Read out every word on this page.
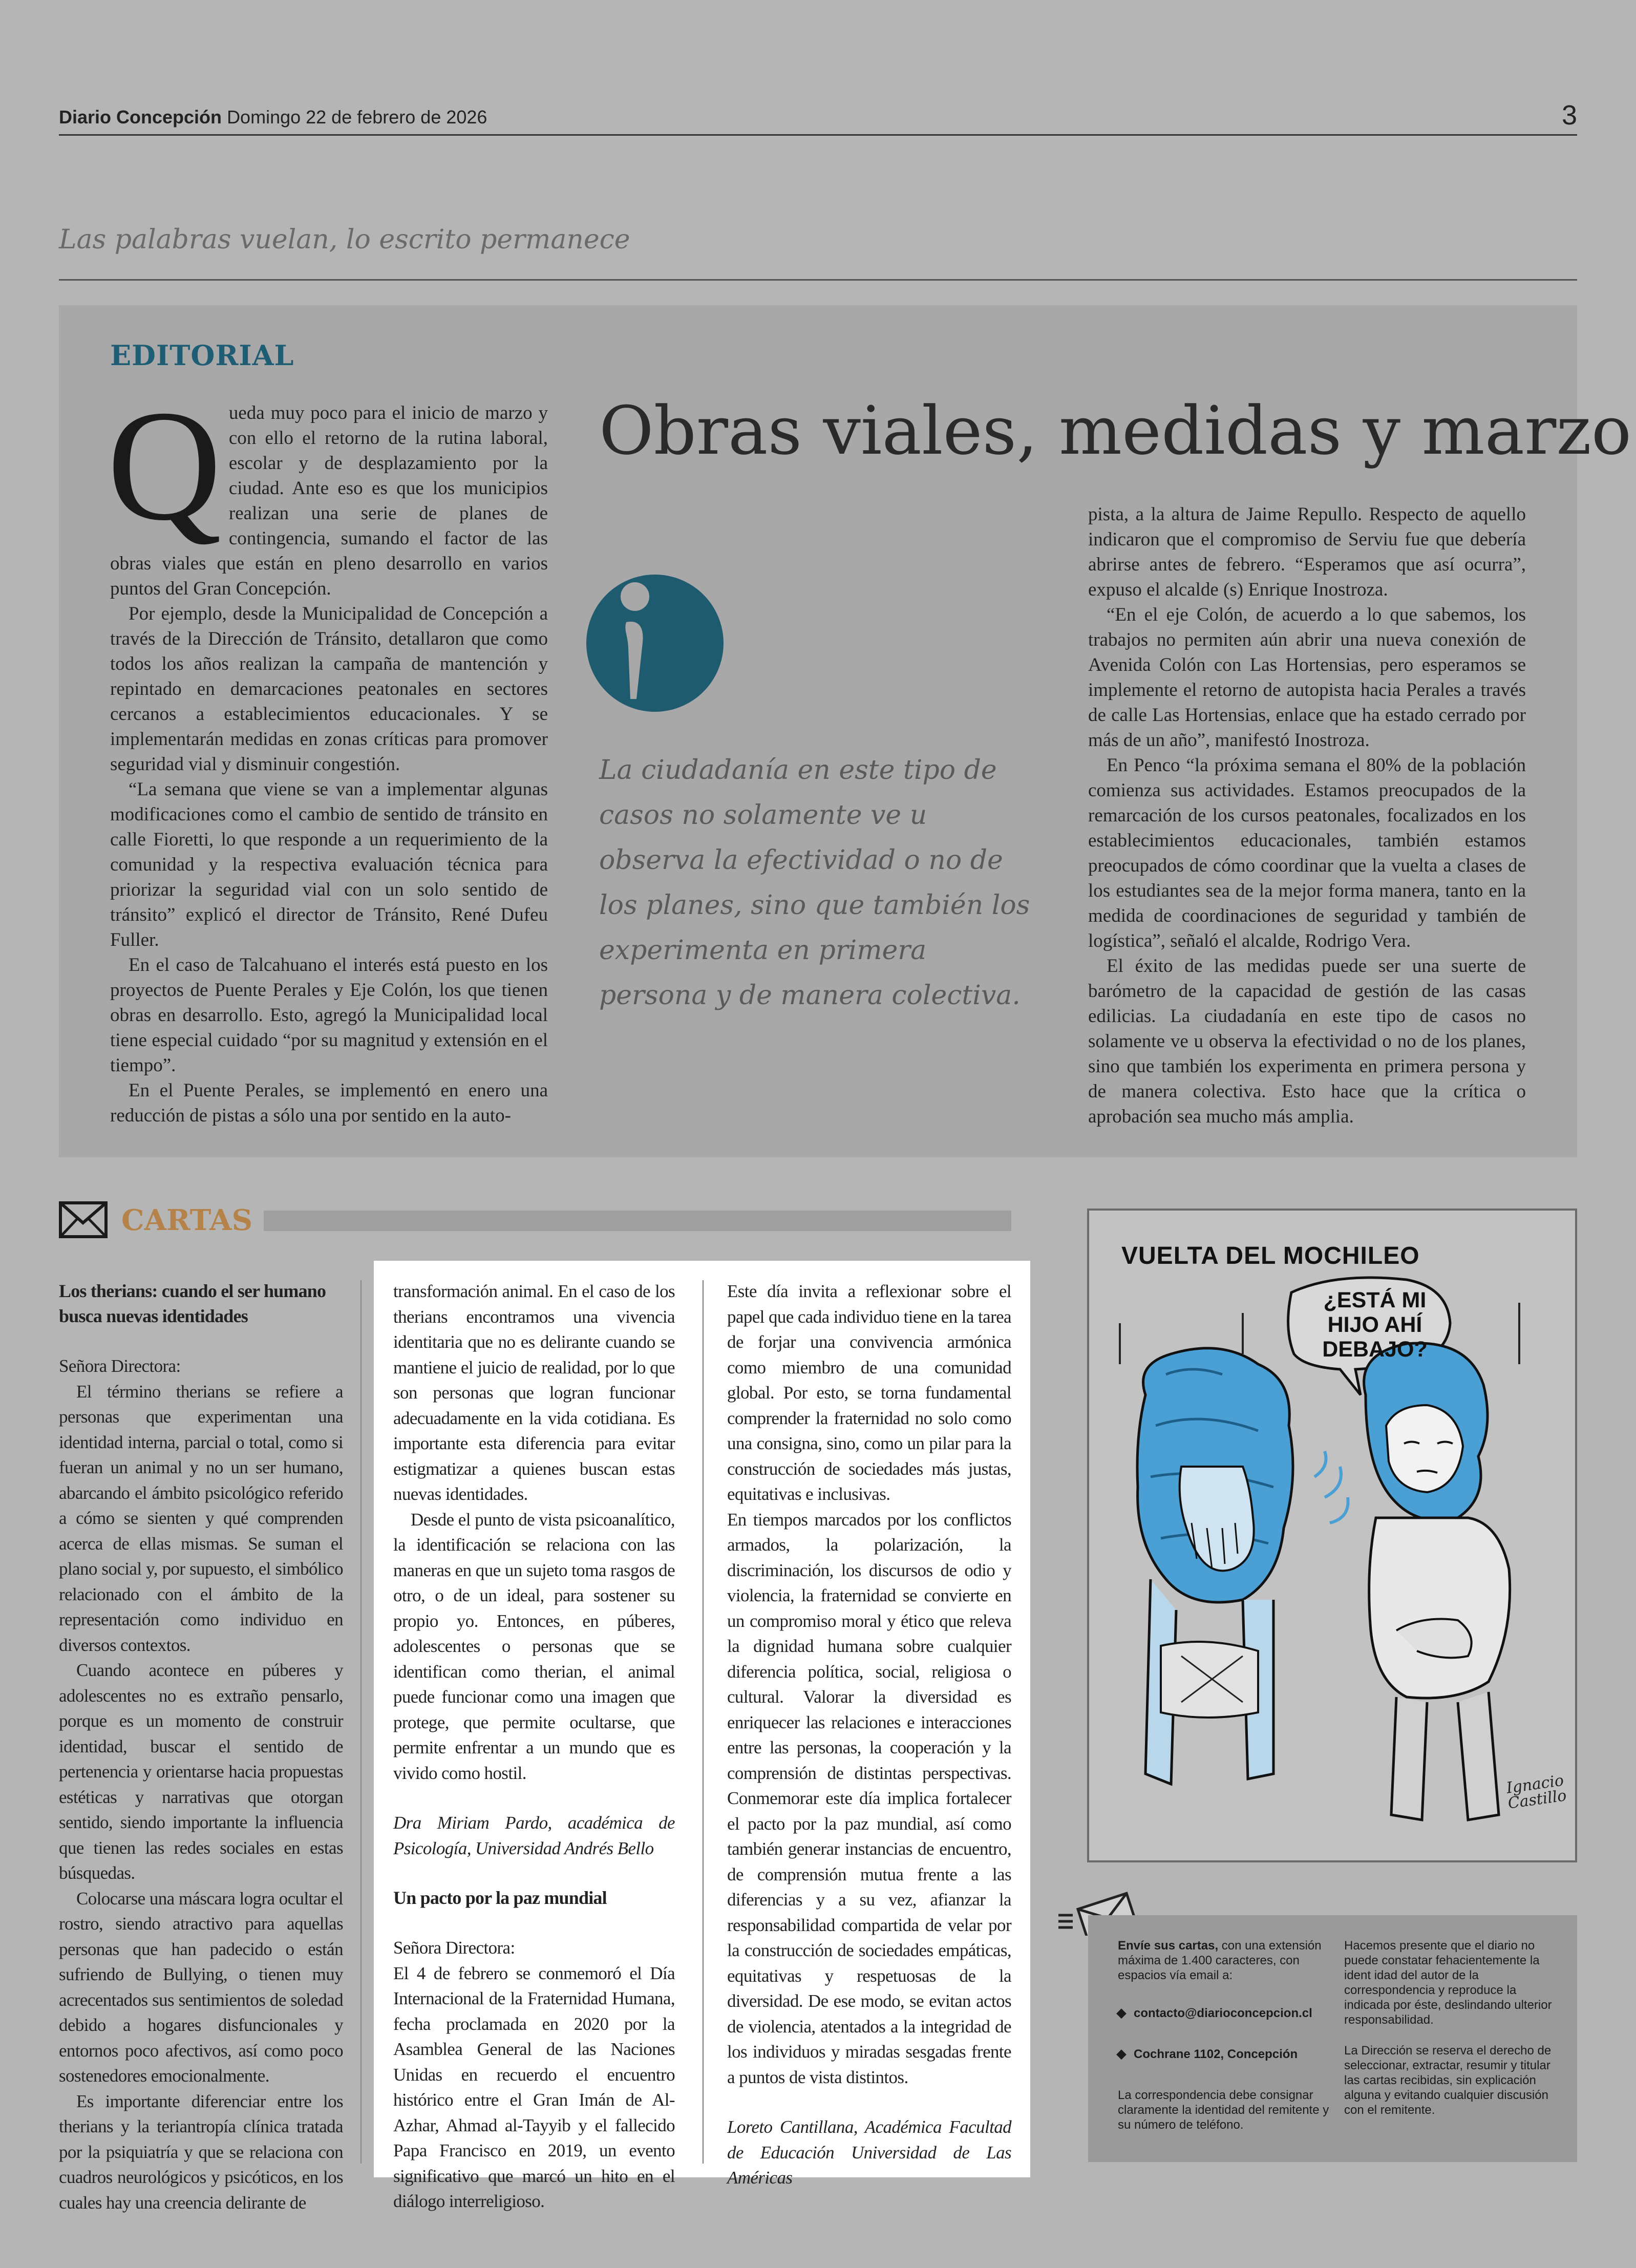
Diario Concepción Domingo 22 de febrero de 2026	3
Las palabras vuelan, lo escrito permanece
EDITORIAL
Obras viales, medidas y marzo

Queda muy poco para el inicio de marzo y con ello el retorno de la rutina laboral, escolar y de desplazamiento por la ciudad. Ante eso es que los municipios realizan una serie de planes de contingencia, sumando el factor de las obras viales que están en pleno desarrollo en varios puntos del Gran Concepción.

Por ejemplo, desde la Municipalidad de Concepción a través de la Dirección de Tránsito, detallaron que como todos los años realizan la campaña de mantención y repintado en demarcaciones peatonales en sectores cercanos a establecimientos educacionales. Y se implementarán medidas en zonas críticas para promover seguridad vial y disminuir congestión.

“La semana que viene se van a implementar algunas modificaciones como el cambio de sentido de tránsito en calle Fioretti, lo que responde a un requerimiento de la comunidad y la respectiva evaluación técnica para priorizar la seguridad vial con un solo sentido de tránsito” explicó el director de Tránsito, René Dufeu Fuller.

En el caso de Talcahuano el interés está puesto en los proyectos de Puente Perales y Eje Colón, los que tienen obras en desarrollo. Esto, agregó la Municipalidad local tiene especial cuidado “por su magnitud y extensión en el tiempo”.

En el Puente Perales, se implementó en enero una reducción de pistas a sólo una por sentido en la auto-

La ciudadanía en este tipo de casos no solamente ve u observa la efectividad o no de los planes, sino que también los experimenta en primera persona y de manera colectiva.

pista, a la altura de Jaime Repullo. Respecto de aquello indicaron que el compromiso de Serviu fue que debería abrirse antes de febrero. “Esperamos que así ocurra”, expuso el alcalde (s) Enrique Inostroza.

“En el eje Colón, de acuerdo a lo que sabemos, los trabajos no permiten aún abrir una nueva conexión de Avenida Colón con Las Hortensias, pero esperamos se implemente el retorno de autopista hacia Perales a través de calle Las Hortensias, enlace que ha estado cerrado por más de un año”, manifestó Inostroza.

En Penco “la próxima semana el 80% de la población comienza sus actividades. Estamos preocupados de la remarcación de los cursos peatonales, focalizados en los establecimientos educacionales, también estamos preocupados de cómo coordinar que la vuelta a clases de los estudiantes sea de la mejor forma manera, tanto en la medida de coordinaciones de seguridad y también de logística”, señaló el alcalde, Rodrigo Vera.

El éxito de las medidas puede ser una suerte de barómetro de la capacidad de gestión de las casas edilicias. La ciudadanía en este tipo de casos no solamente ve u observa la efectividad o no de los planes, sino que también los experimenta en primera persona y de manera colectiva. Esto hace que la crítica o aprobación sea mucho más amplia.

CARTAS
Los therians: cuando el ser humano busca nuevas identidades

Señora Directora:

El término therians se refiere a personas que experimentan una identidad interna, parcial o total, como si fueran un animal y no un ser humano, abarcando el ámbito psicológico referido a cómo se sienten y qué comprenden acerca de ellas mismas. Se suman el plano social y, por supuesto, el simbólico relacionado con el ámbito de la representación como individuo en diversos contextos.

Cuando acontece en púberes y adolescentes no es extraño pensarlo, porque es un momento de construir identidad, buscar el sentido de pertenencia y orientarse hacia propuestas estéticas y narrativas que otorgan sentido, siendo importante la influencia que tienen las redes sociales en estas búsquedas.

Colocarse una máscara logra ocultar el rostro, siendo atractivo para aquellas personas que han padecido o están sufriendo de Bullying, o tienen muy acrecentados sus sentimientos de soledad debido a hogares disfuncionales y entornos poco afectivos, así como poco sostenedores emocionalmente.

Es importante diferenciar entre los therians y la teriantropía clínica tratada por la psiquiatría y que se relaciona con cuadros neurológicos y psicóticos, en los cuales hay una creencia delirante de

transformación animal. En el caso de los therians encontramos una vivencia identitaria que no es delirante cuando se mantiene el juicio de realidad, por lo que son personas que logran funcionar adecuadamente en la vida cotidiana. Es importante esta diferencia para evitar estigmatizar a quienes buscan estas nuevas identidades.

Desde el punto de vista psicoanalítico, la identificación se relaciona con las maneras en que un sujeto toma rasgos de otro, o de un ideal, para sostener su propio yo. Entonces, en púberes, adolescentes o personas que se identifican como therian, el animal puede funcionar como una imagen que protege, que permite ocultarse, que permite enfrentar a un mundo que es vivido como hostil.

Dra Miriam Pardo, académica de Psicología, Universidad Andrés Bello

Un pacto por la paz mundial

Señora Directora:

El 4 de febrero se conmemoró el Día Internacional de la Fraternidad Humana, fecha proclamada en 2020 por la Asamblea General de las Naciones Unidas en recuerdo el encuentro histórico entre el Gran Imán de Al-Azhar, Ahmad al-Tayyib y el fallecido Papa Francisco en 2019, un evento significativo que marcó un hito en el diálogo interreligioso.

Este día invita a reflexionar sobre el papel que cada individuo tiene en la tarea de forjar una convivencia armónica como miembro de una comunidad global. Por esto, se torna fundamental comprender la fraternidad no solo como una consigna, sino, como un pilar para la construcción de sociedades más justas, equitativas e inclusivas.

En tiempos marcados por los conflictos armados, la polarización, la discriminación, los discursos de odio y violencia, la fraternidad se convierte en un compromiso moral y ético que releva la dignidad humana sobre cualquier diferencia política, social, religiosa o cultural. Valorar la diversidad es enriquecer las relaciones e interacciones entre las personas, la cooperación y la comprensión de distintas perspectivas. Conmemorar este día implica fortalecer el pacto por la paz mundial, así como también generar instancias de encuentro, de comprensión mutua frente a las diferencias y a su vez, afianzar la responsabilidad compartida de velar por la construcción de sociedades empáticas, equitativas y respetuosas de la diversidad. De ese modo, se evitan actos de violencia, atentados a la integridad de los individuos y miradas sesgadas frente a puntos de vista distintos.

Loreto Cantillana, Académica Facultad de Educación Universidad de Las Américas

VUELTA DEL MOCHILEO
¿ESTÁ MI HIJO AHÍ DEBAJO?
Ignacio Castillo
Envíe sus cartas, con una extensión máxima de 1.400 caracteres, con espacios vía email a:
◆ contacto@diarioconcepcion.cl
◆ Cochrane 1102, Concepción
La correspondencia debe consignar claramente la identidad del remitente y su número de teléfono.
Hacemos presente que el diario no puede constatar fehacientemente la ident idad del autor de la correspondencia y reproduce la indicada por éste, deslindando ulterior responsabilidad.
La Dirección se reserva el derecho de seleccionar, extractar, resumir y titular las cartas recibidas, sin explicación alguna y evitando cualquier discusión con el remitente.
